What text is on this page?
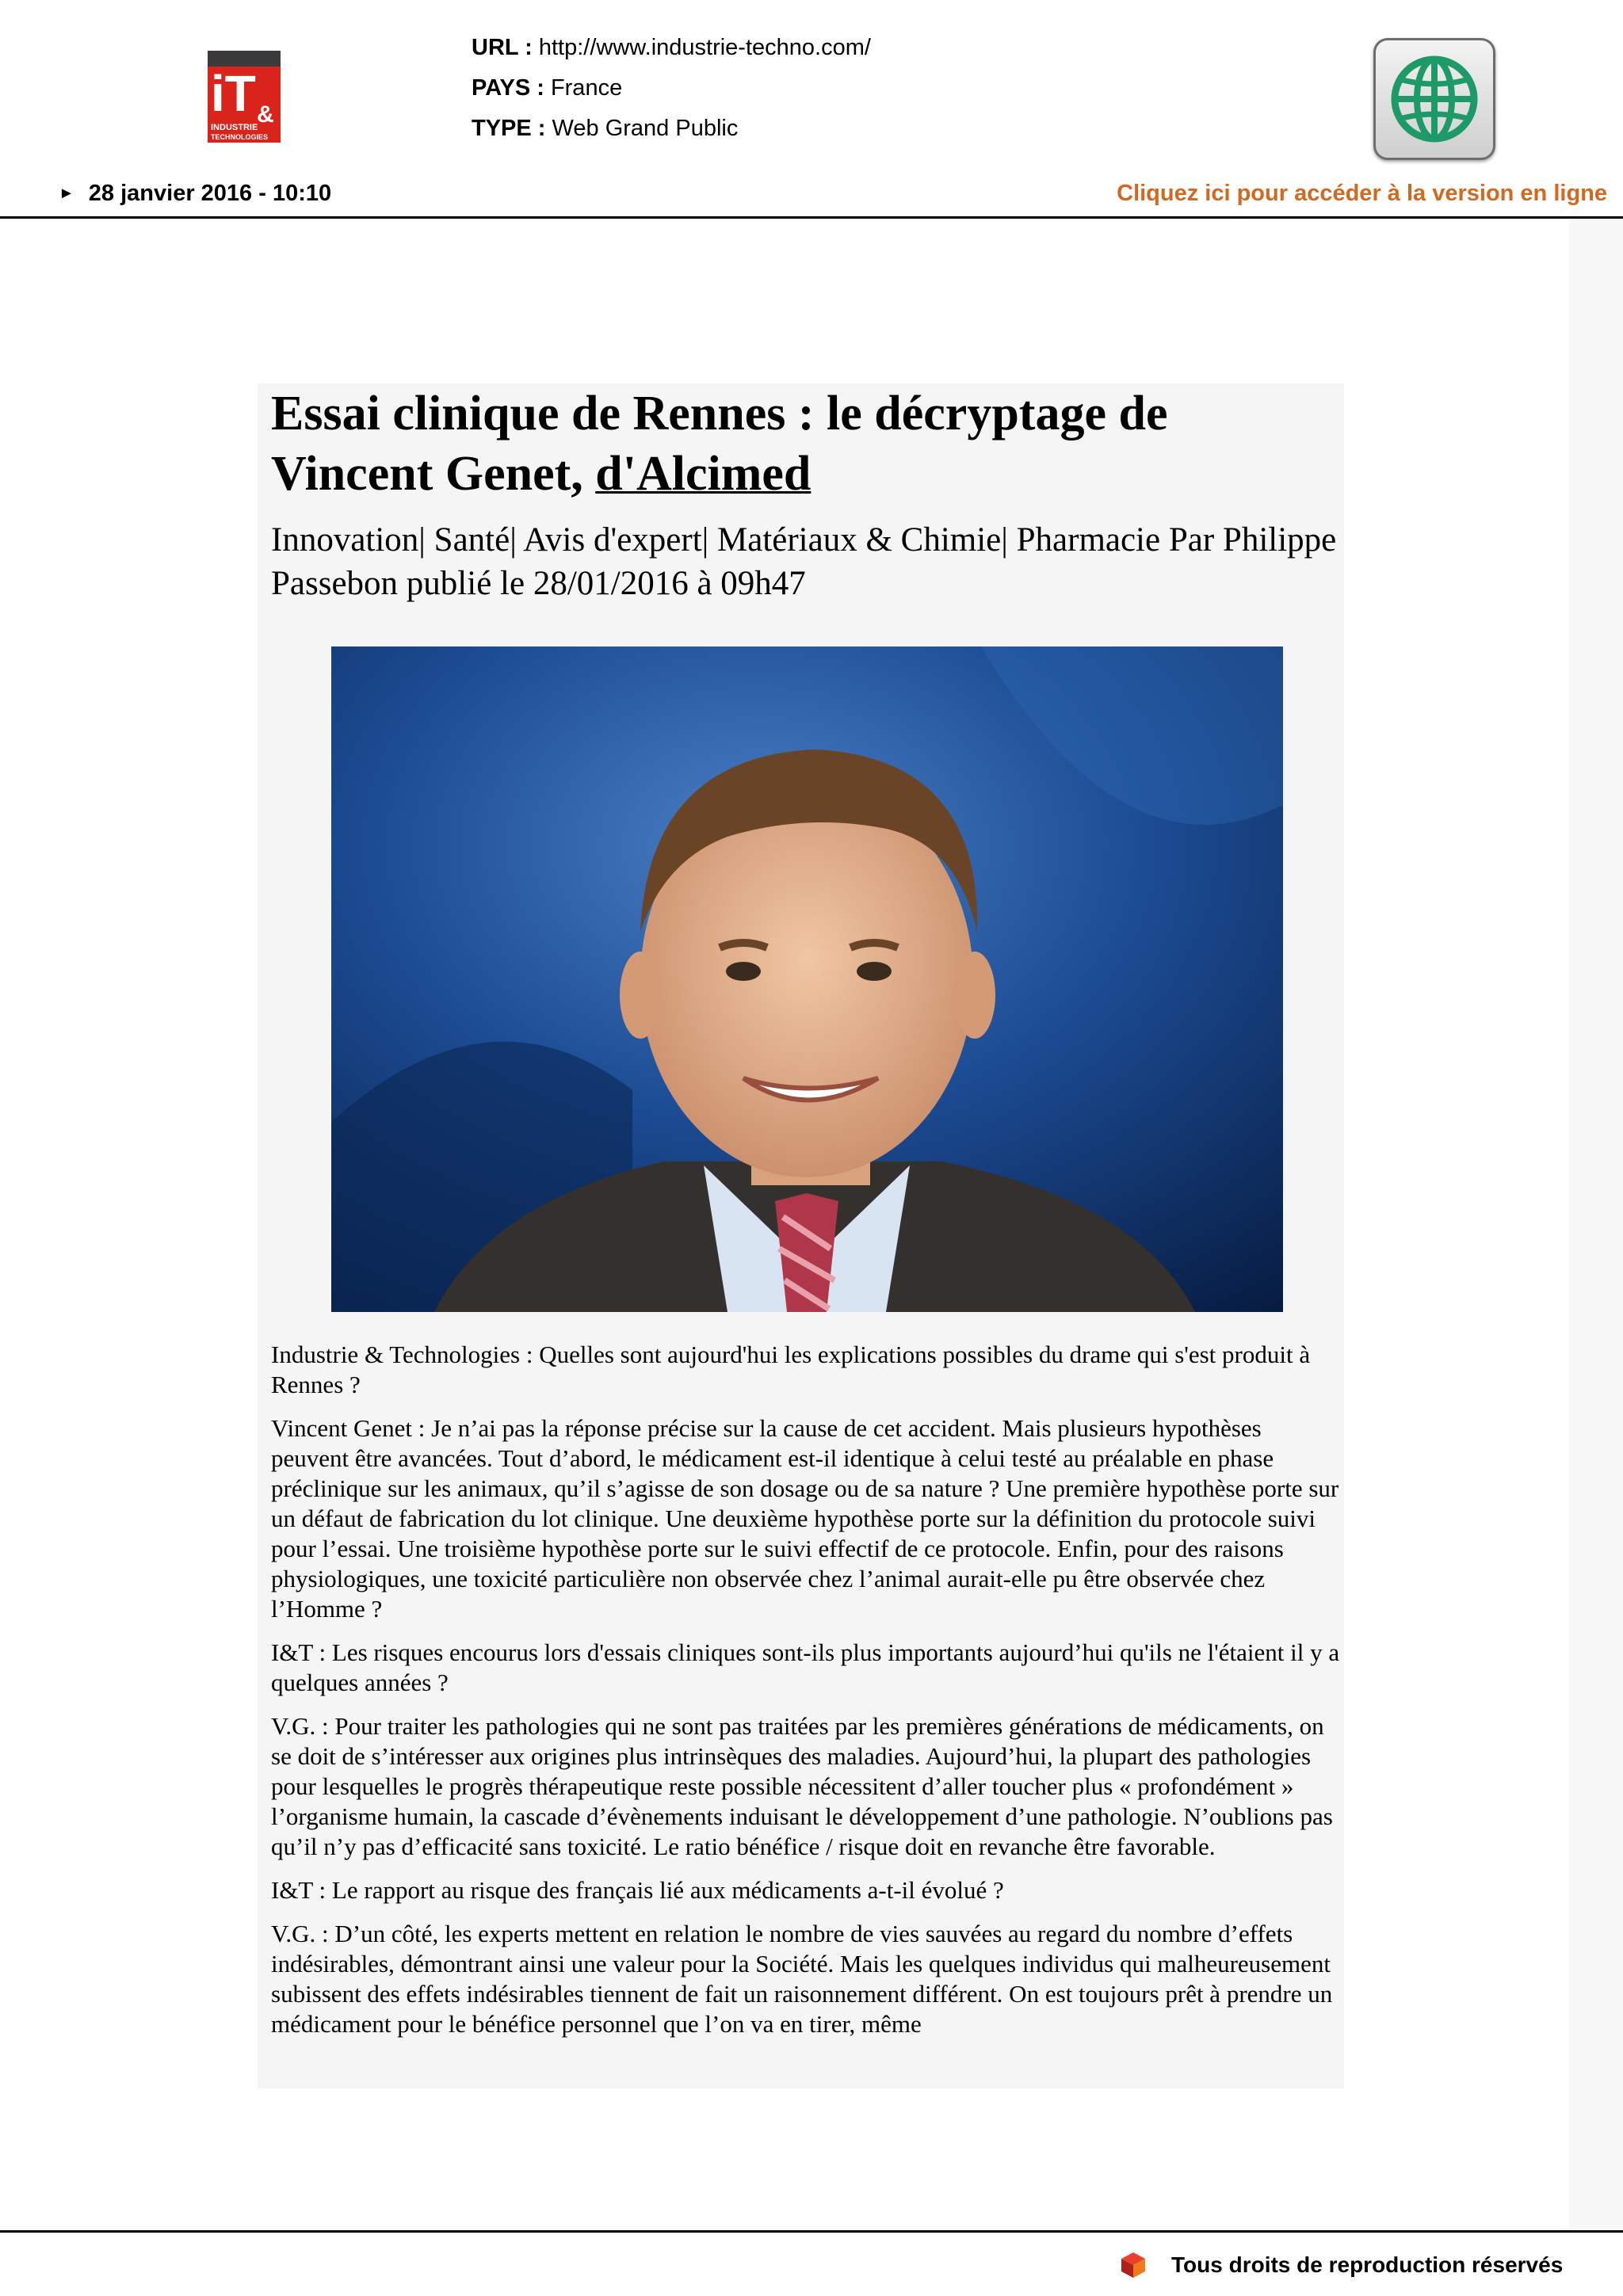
iT &
INDUSTRIE
TECHNOLOGIES
URL : http://www.industrie-techno.com/
PAYS : France
TYPE : Web Grand Public
► 28 janvier 2016 - 10:10	Cliquez ici pour accéder à la version en ligne
Essai clinique de Rennes : le décryptage de Vincent Genet, d'Alcimed

Innovation| Santé| Avis d'expert| Matériaux & Chimie| Pharmacie Par Philippe Passebon publié le 28/01/2016 à 09h47

Industrie & Technologies : Quelles sont aujourd'hui les explications possibles du drame qui s'est produit à Rennes ?

Vincent Genet : Je n’ai pas la réponse précise sur la cause de cet accident. Mais plusieurs hypothèses peuvent être avancées. Tout d’abord, le médicament est-il identique à celui testé au préalable en phase préclinique sur les animaux, qu’il s’agisse de son dosage ou de sa nature ? Une première hypothèse porte sur un défaut de fabrication du lot clinique. Une deuxième hypothèse porte sur la définition du protocole suivi pour l’essai. Une troisième hypothèse porte sur le suivi effectif de ce protocole. Enfin, pour des raisons physiologiques, une toxicité particulière non observée chez l’animal aurait-elle pu être observée chez l’Homme ?

I&T : Les risques encourus lors d'essais cliniques sont-ils plus importants aujourd’hui qu'ils ne l'étaient il y a quelques années ?

V.G. : Pour traiter les pathologies qui ne sont pas traitées par les premières générations de médicaments, on se doit de s’intéresser aux origines plus intrinsèques des maladies. Aujourd’hui, la plupart des pathologies pour lesquelles le progrès thérapeutique reste possible nécessitent d’aller toucher plus « profondément » l’organisme humain, la cascade d’évènements induisant le développement d’une pathologie. N’oublions pas qu’il n’y pas d’efficacité sans toxicité. Le ratio bénéfice / risque doit en revanche être favorable.

I&T : Le rapport au risque des français lié aux médicaments a-t-il évolué ?

V.G. : D’un côté, les experts mettent en relation le nombre de vies sauvées au regard du nombre d’effets indésirables, démontrant ainsi une valeur pour la Société. Mais les quelques individus qui malheureusement subissent des effets indésirables tiennent de fait un raisonnement différent. On est toujours prêt à prendre un médicament pour le bénéfice personnel que l’on va en tirer, même

Tous droits de reproduction réservés
